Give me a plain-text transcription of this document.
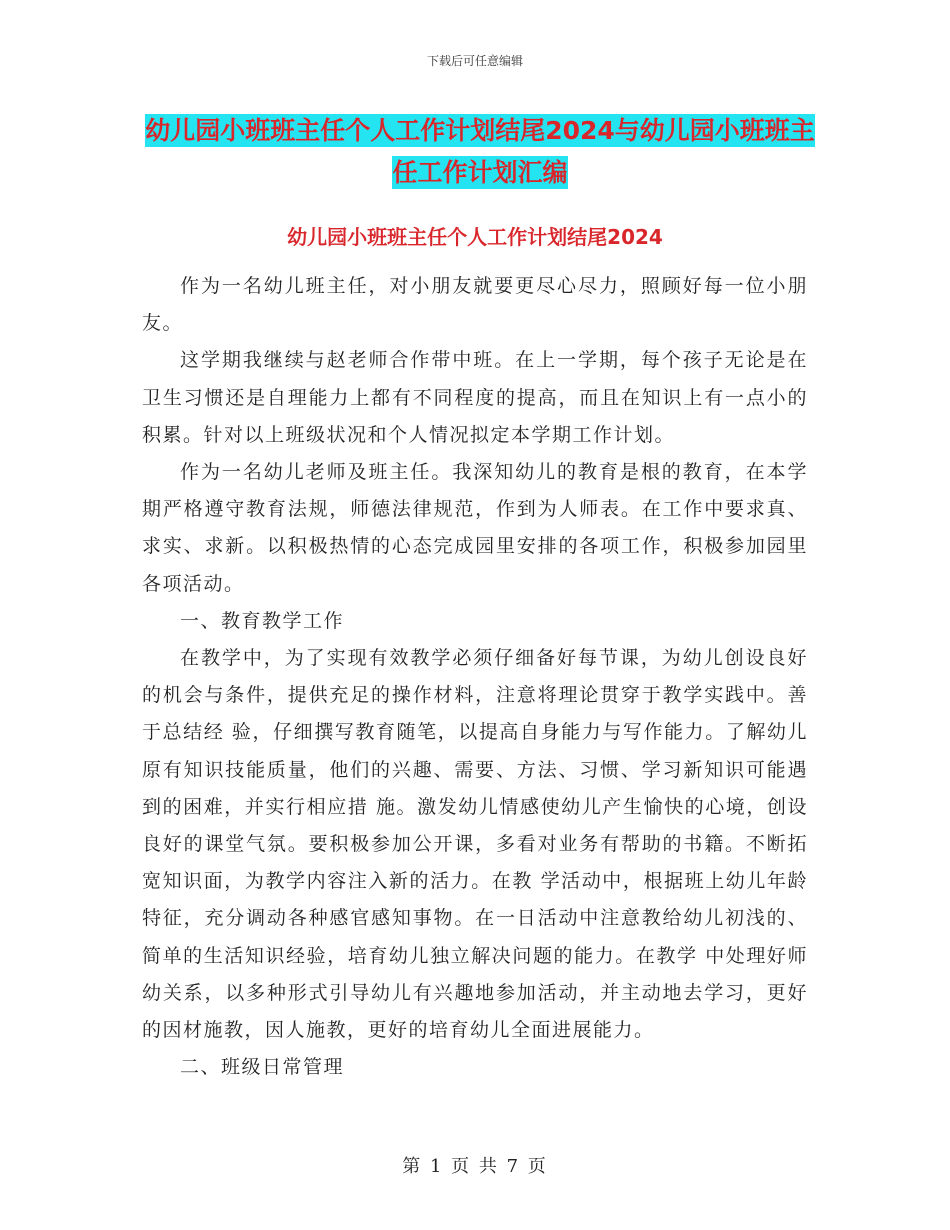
下载后可任意编辑
幼儿园小班班主任个人工作计划结尾2024与幼儿园小班班主任工作计划汇编
幼儿园小班班主任个人工作计划结尾2024

作为一名幼儿班主任，对小朋友就要更尽心尽力，照顾好每一位小朋友。

这学期我继续与赵老师合作带中班。在上一学期，每个孩子无论是在卫生习惯还是自理能力上都有不同程度的提高，而且在知识上有一点小的积累。针对以上班级状况和个人情况拟定本学期工作计划。

作为一名幼儿老师及班主任。我深知幼儿的教育是根的教育，在本学期严格遵守教育法规，师德法律规范，作到为人师表。在工作中要求真、求实、求新。以积极热情的心态完成园里安排的各项工作，积极参加园里各项活动。

一、教育教学工作

在教学中，为了实现有效教学必须仔细备好每节课，为幼儿创设良好的机会与条件，提供充足的操作材料，注意将理论贯穿于教学实践中。善于总结经 验，仔细撰写教育随笔，以提高自身能力与写作能力。了解幼儿原有知识技能质量，他们的兴趣、需要、方法、习惯、学习新知识可能遇到的困难，并实行相应措 施。激发幼儿情感使幼儿产生愉快的心境，创设良好的课堂气氛。要积极参加公开课，多看对业务有帮助的书籍。不断拓宽知识面，为教学内容注入新的活力。在教 学活动中，根据班上幼儿年龄特征，充分调动各种感官感知事物。在一日活动中注意教给幼儿初浅的、简单的生活知识经验，培育幼儿独立解决问题的能力。在教学 中处理好师幼关系，以多种形式引导幼儿有兴趣地参加活动，并主动地去学习，更好的因材施教，因人施教，更好的培育幼儿全面进展能力。

二、班级日常管理

第 1 页 共 7 页
